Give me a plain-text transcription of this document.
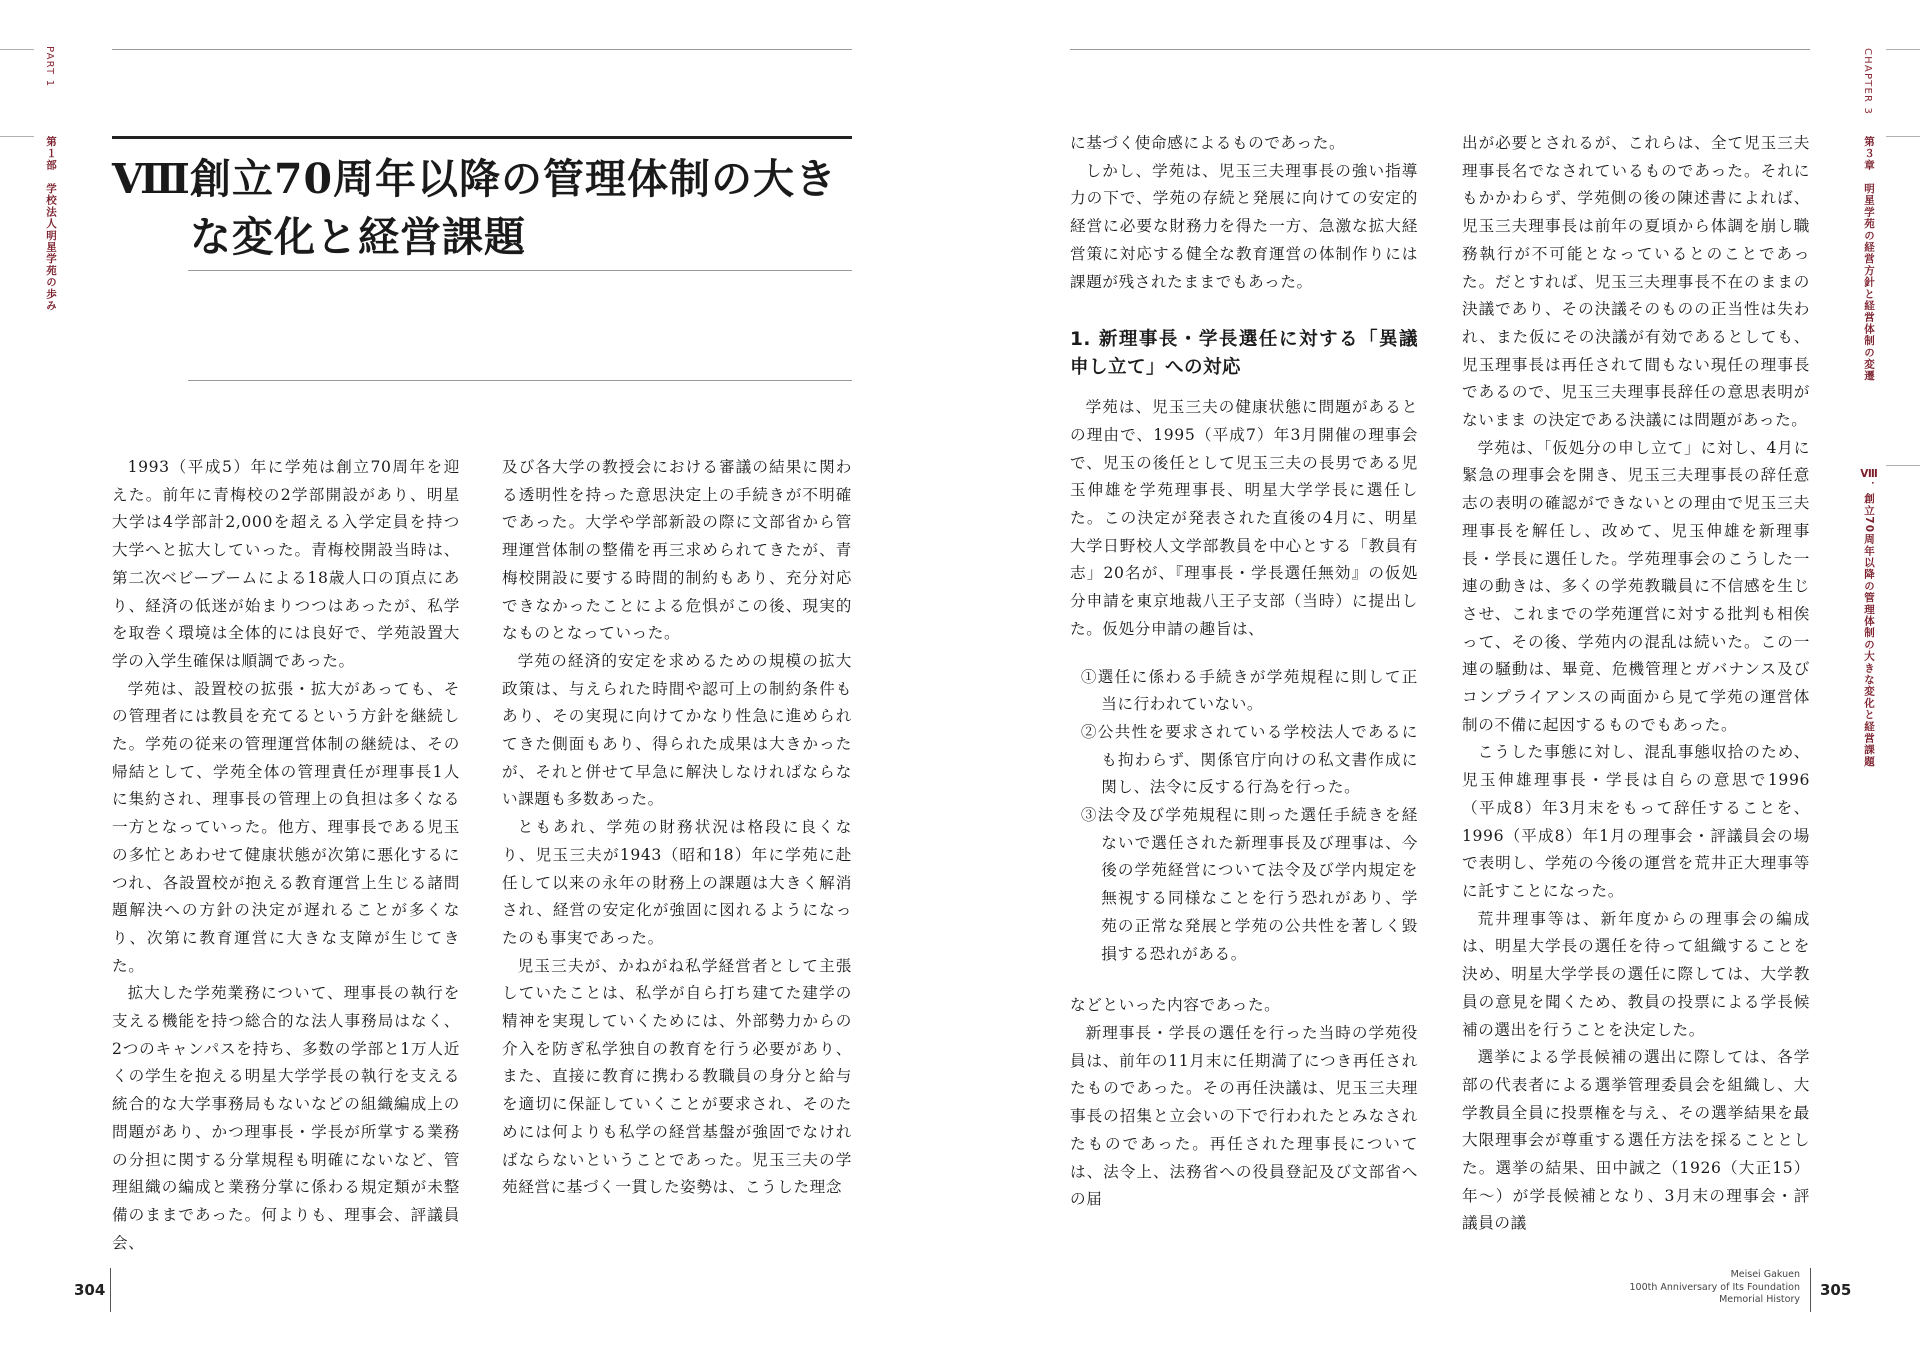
PART 1
第１部　学校法人明星学苑の歩み Ⅷ.創立70周年以降の管理体制の大き
な変化と経営課題

1993（平成5）年に学苑は創立70周年を迎えた。前年に青梅校の2学部開設があり、明星大学は4学部計2,000を超える入学定員を持つ大学へと拡大していった。青梅校開設当時は、第二次ベビーブームによる18歳人口の頂点にあり、経済の低迷が始まりつつはあったが、私学を取巻く環境は全体的には良好で、学苑設置大学の入学生確保は順調であった。

学苑は、設置校の拡張・拡大があっても、その管理者には教員を充てるという方針を継続した。学苑の従来の管理運営体制の継続は、その帰結として、学苑全体の管理責任が理事長1人に集約され、理事長の管理上の負担は多くなる一方となっていった。他方、理事長である児玉の多忙とあわせて健康状態が次第に悪化するにつれ、各設置校が抱える教育運営上生じる諸問題解決への方針の決定が遅れることが多くなり、次第に教育運営に大きな支障が生じてきた。

拡大した学苑業務について、理事長の執行を支える機能を持つ総合的な法人事務局はなく、2つのキャンパスを持ち、多数の学部と1万人近くの学生を抱える明星大学学長の執行を支える統合的な大学事務局もないなどの組織編成上の問題があり、かつ理事長・学長が所掌する業務の分担に関する分掌規程も明確にないなど、管理組織の編成と業務分掌に係わる規定類が未整備のままであった。何よりも、理事会、評議員会、

及び各大学の教授会における審議の結果に関わる透明性を持った意思決定上の手続きが不明確であった。大学や学部新設の際に文部省から管理運営体制の整備を再三求められてきたが、青梅校開設に要する時間的制約もあり、充分対応できなかったことによる危惧がこの後、現実的なものとなっていった。

学苑の経済的安定を求めるための規模の拡大政策は、与えられた時間や認可上の制約条件もあり、その実現に向けてかなり性急に進められてきた側面もあり、得られた成果は大きかったが、それと併せて早急に解決しなければならない課題も多数あった。

ともあれ、学苑の財務状況は格段に良くなり、児玉三夫が1943（昭和18）年に学苑に赴任して以来の永年の財務上の課題は大きく解消され、経営の安定化が強固に図れるようになったのも事実であった。

児玉三夫が、かねがね私学経営者として主張していたことは、私学が自ら打ち建てた建学の精神を実現していくためには、外部勢力からの介入を防ぎ私学独自の教育を行う必要があり、また、直接に教育に携わる教職員の身分と給与を適切に保証していくことが要求され、そのためには何よりも私学の経営基盤が強固でなければならないということであった。児玉三夫の学苑経営に基づく一貫した姿勢は、こうした理念

304
CHAPTER 3
第３章　明星学苑の経営方針と経営体制の変遷
Ⅷ．創立70周年以降の管理体制の大きな変化と経営課題

に基づく使命感によるものであった。

しかし、学苑は、児玉三夫理事長の強い指導力の下で、学苑の存続と発展に向けての安定的経営に必要な財務力を得た一方、急激な拡大経営策に対応する健全な教育運営の体制作りには課題が残されたままでもあった。

1. 新理事長・学長選任に対する「異議申し立て」への対応

学苑は、児玉三夫の健康状態に問題があるとの理由で、1995（平成7）年3月開催の理事会で、児玉の後任として児玉三夫の長男である児玉伸雄を学苑理事長、明星大学学長に選任した。この決定が発表された直後の4月に、明星大学日野校人文学部教員を中心とする「教員有志」20名が、『理事長・学長選任無効』の仮処分申請を東京地裁八王子支部（当時）に提出した。仮処分申請の趣旨は、

①選任に係わる手続きが学苑規程に則して正当に行われていない。
②公共性を要求されている学校法人であるにも拘わらず、関係官庁向けの私文書作成に関し、法令に反する行為を行った。
③法令及び学苑規程に則った選任手続きを経ないで選任された新理事長及び理事は、今後の学苑経営について法令及び学内規定を無視する同様なことを行う恐れがあり、学苑の正常な発展と学苑の公共性を著しく毀損する恐れがある。

などといった内容であった。

新理事長・学長の選任を行った当時の学苑役員は、前年の11月末に任期満了につき再任されたものであった。その再任決議は、児玉三夫理事長の招集と立会いの下で行われたとみなされたものであった。再任された理事長については、法令上、法務省への役員登記及び文部省への届

出が必要とされるが、これらは、全て児玉三夫理事長名でなされているものであった。それにもかかわらず、学苑側の後の陳述書によれば、児玉三夫理事長は前年の夏頃から体調を崩し職務執行が不可能となっているとのことであった。だとすれば、児玉三夫理事長不在のままの決議であり、その決議そのものの正当性は失われ、また仮にその決議が有効であるとしても、児玉理事長は再任されて間もない現任の理事長であるので、児玉三夫理事長辞任の意思表明がないまま の決定である決議には問題があった。

学苑は、「仮処分の申し立て」に対し、4月に緊急の理事会を開き、児玉三夫理事長の辞任意志の表明の確認ができないとの理由で児玉三夫理事長を解任し、改めて、児玉伸雄を新理事長・学長に選任した。学苑理事会のこうした一連の動きは、多くの学苑教職員に不信感を生じさせ、これまでの学苑運営に対する批判も相俟って、その後、学苑内の混乱は続いた。この一連の騒動は、畢竟、危機管理とガバナンス及びコンプライアンスの両面から見て学苑の運営体制の不備に起因するものでもあった。

こうした事態に対し、混乱事態収拾のため、児玉伸雄理事長・学長は自らの意思で1996（平成8）年3月末をもって辞任することを、1996（平成8）年1月の理事会・評議員会の場で表明し、学苑の今後の運営を荒井正大理事等に託すことになった。

荒井理事等は、新年度からの理事会の編成は、明星大学長の選任を待って組織することを決め、明星大学学長の選任に際しては、大学教員の意見を聞くため、教員の投票による学長候補の選出を行うことを決定した。

選挙による学長候補の選出に際しては、各学部の代表者による選挙管理委員会を組織し、大学教員全員に投票権を与え、その選挙結果を最大限理事会が尊重する選任方法を採ることとした。選挙の結果、田中誠之（1926（大正15）年〜）が学長候補となり、3月末の理事会・評議員の議

Meisei Gakuen
100th Anniversary of Its Foundation
Memorial History
305
